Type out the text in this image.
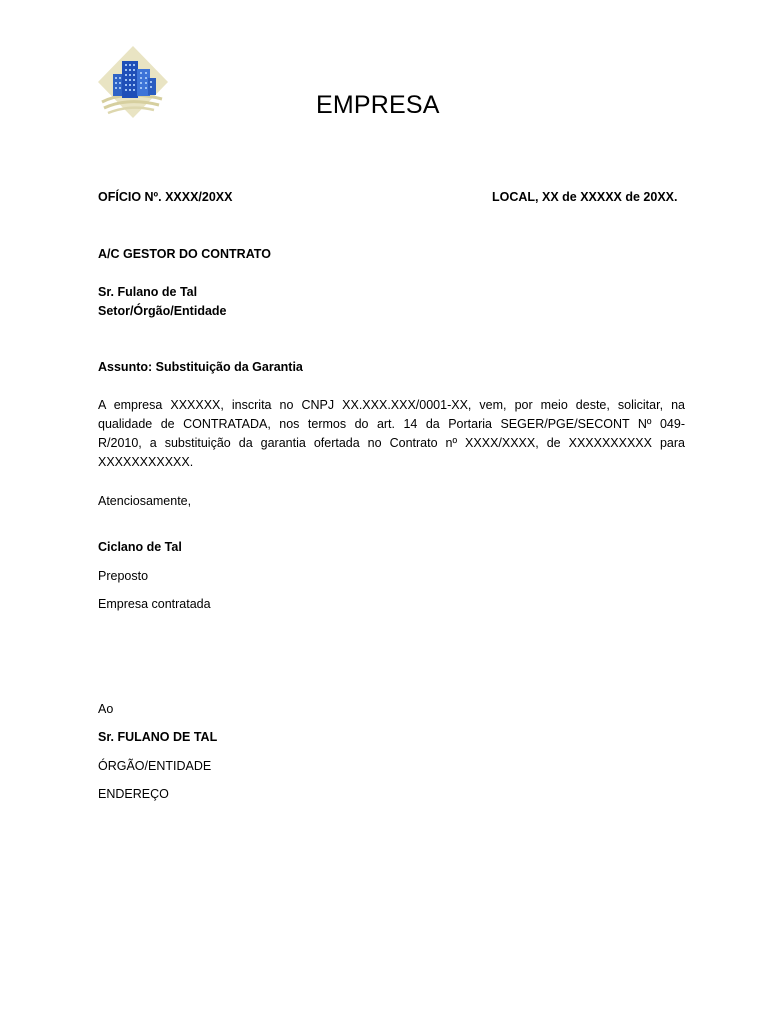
EMPRESA
OFÍCIO Nº. XXXX/20XX	LOCAL, XX de XXXXX de 20XX.
A/C GESTOR DO CONTRATO
Sr. Fulano de Tal
Setor/Órgão/Entidade
Assunto: Substituição da Garantia
A empresa XXXXXX, inscrita no CNPJ XX.XXX.XXX/0001-XX, vem, por meio deste, solicitar, na
qualidade de CONTRATADA, nos termos do art. 14 da Portaria SEGER/PGE/SECONT Nº 049-
R/2010, a substituição da garantia ofertada no Contrato nº XXXX/XXXX, de XXXXXXXXXX para
XXXXXXXXXXX.
Atenciosamente,
Ciclano de Tal
Preposto
Empresa contratada
Ao
Sr. FULANO DE TAL
ÓRGÃO/ENTIDADE
ENDEREÇO
